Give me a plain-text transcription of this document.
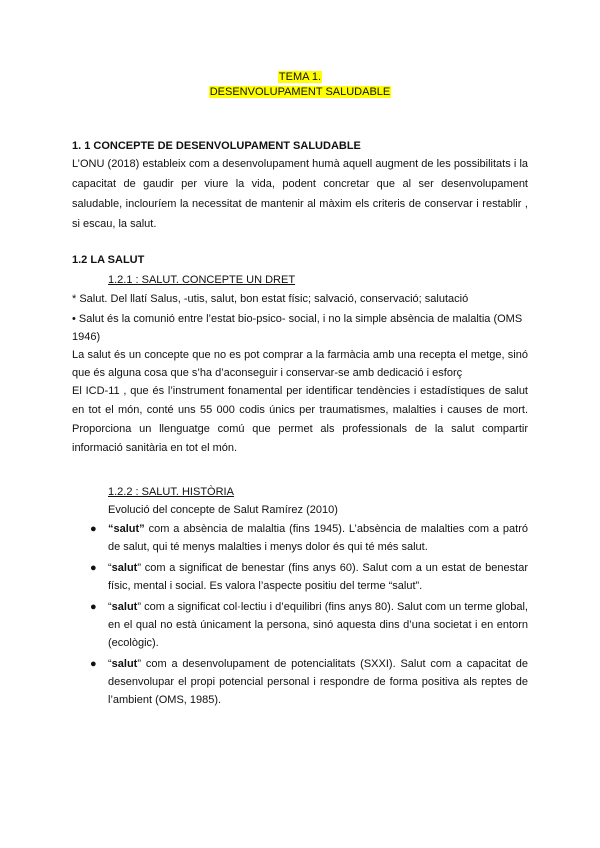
TEMA 1.
DESENVOLUPAMENT SALUDABLE
1. 1 CONCEPTE DE DESENVOLUPAMENT SALUDABLE

L’ONU (2018) estableix com a desenvolupament humà aquell augment de les possibilitats i la capacitat de gaudir per viure la vida, podent concretar que al ser desenvolupament saludable, inclouríem la necessitat de mantenir al màxim els criteris de conservar i restablir , si escau, la salut.

1.2 LA SALUT
1.2.1 : SALUT. CONCEPTE UN DRET

* Salut. Del llatí Salus, -utis, salut, bon estat físic; salvació, conservació; salutació

• Salut és la comunió entre l’estat bio-psico- social, i no la simple absència de malaltia (OMS 1946)

La salut és un concepte que no es pot comprar a la farmàcia amb una recepta el metge, sinó que és alguna cosa que s’ha d’aconseguir i conservar-se amb dedicació i esforç

El ICD-11 , que és l’instrument fonamental per identificar tendències i estadístiques de salut en tot el món, conté uns 55 000 codis únics per traumatismes, malalties i causes de mort. Proporciona un llenguatge comú que permet als professionals de la salut compartir informació sanitària en tot el món.

1.2.2 : SALUT. HISTÒRIA
Evolució del concepte de Salut Ramírez (2010)
● “salut” com a absència de malaltia (fins 1945). L’absència de malalties com a patró de salut, qui té menys malalties i menys dolor és qui té més salut.
● “salut” com a significat de benestar (fins anys 60). Salut com a un estat de benestar físic, mental i social. Es valora l’aspecte positiu del terme “salut”.
● “salut” com a significat col·lectiu i d’equilibri (fins anys 80). Salut com un terme global, en el qual no està únicament la persona, sinó aquesta dins d’una societat i en entorn (ecològic).
● “salut” com a desenvolupament de potencialitats (SXXI). Salut com a capacitat de desenvolupar el propi potencial personal i respondre de forma positiva als reptes de l’ambient (OMS, 1985).
